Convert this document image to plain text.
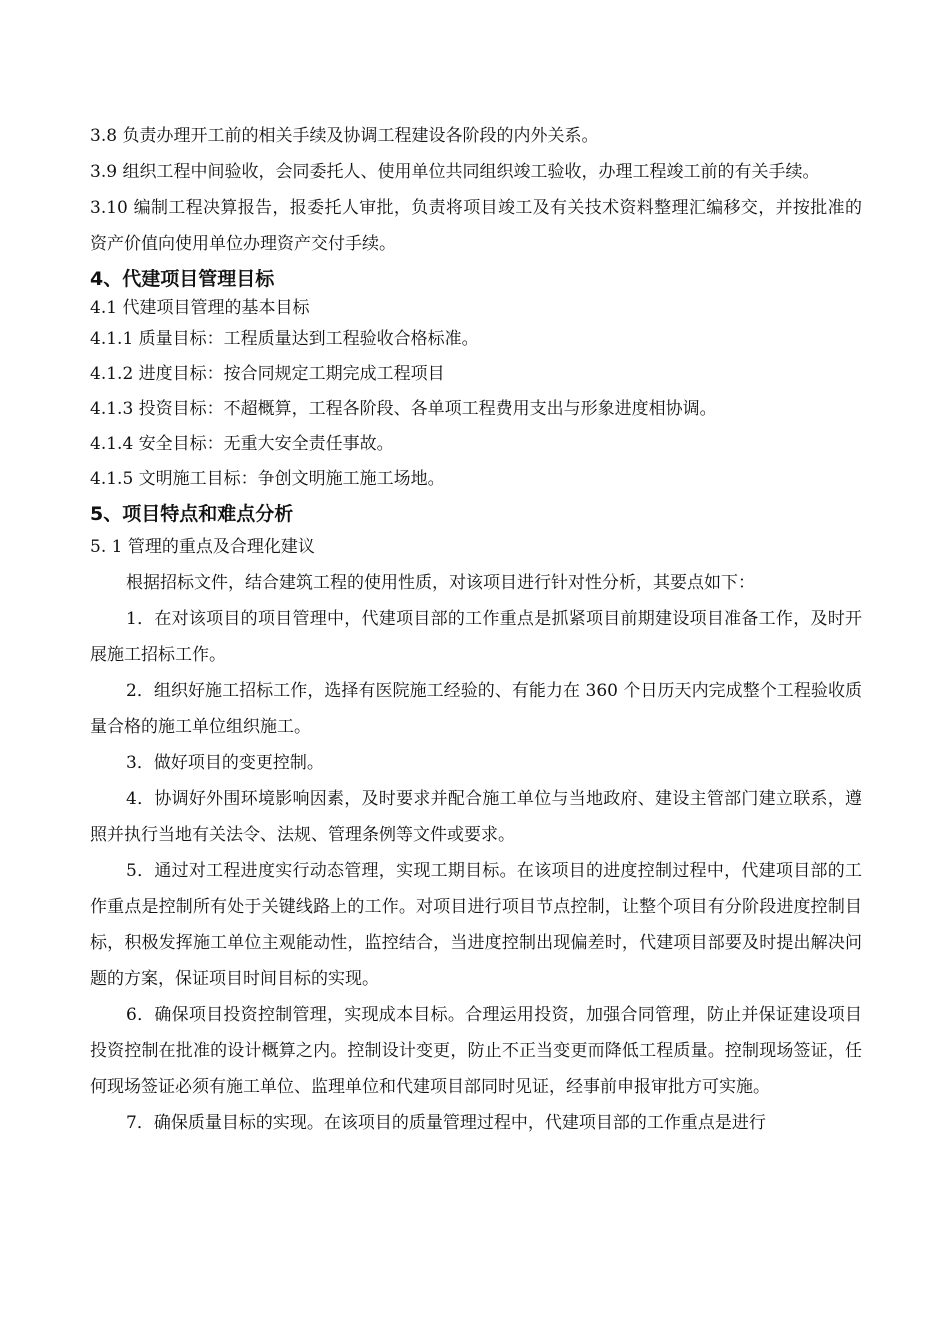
3.8 负责办理开工前的相关手续及协调工程建设各阶段的内外关系。

3.9 组织工程中间验收，会同委托人、使用单位共同组织竣工验收，办理工程竣工前的有关手续。

3.10 编制工程决算报告，报委托人审批，负责将项目竣工及有关技术资料整理汇编移交，并按批准的资产价值向使用单位办理资产交付手续。

4、代建项目管理目标

4.1 代建项目管理的基本目标

4.1.1 质量目标：工程质量达到工程验收合格标准。

4.1.2 进度目标：按合同规定工期完成工程项目

4.1.3 投资目标：不超概算，工程各阶段、各单项工程费用支出与形象进度相协调。

4.1.4 安全目标：无重大安全责任事故。

4.1.5 文明施工目标：争创文明施工施工场地。

5、项目特点和难点分析

5. 1 管理的重点及合理化建议

根据招标文件，结合建筑工程的使用性质，对该项目进行针对性分析，其要点如下：

1．在对该项目的项目管理中，代建项目部的工作重点是抓紧项目前期建设项目准备工作，及时开展施工招标工作。

2．组织好施工招标工作，选择有医院施工经验的、有能力在 360 个日历天内完成整个工程验收质量合格的施工单位组织施工。

3．做好项目的变更控制。

4．协调好外围环境影响因素，及时要求并配合施工单位与当地政府、建设主管部门建立联系，遵照并执行当地有关法令、法规、管理条例等文件或要求。

5．通过对工程进度实行动态管理，实现工期目标。在该项目的进度控制过程中，代建项目部的工作重点是控制所有处于关键线路上的工作。对项目进行项目节点控制，让整个项目有分阶段进度控制目标，积极发挥施工单位主观能动性，监控结合，当进度控制出现偏差时，代建项目部要及时提出解决问题的方案，保证项目时间目标的实现。

6．确保项目投资控制管理，实现成本目标。合理运用投资，加强合同管理，防止并保证建设项目投资控制在批准的设计概算之内。控制设计变更，防止不正当变更而降低工程质量。控制现场签证，任何现场签证必须有施工单位、监理单位和代建项目部同时见证，经事前申报审批方可实施。

7．确保质量目标的实现。在该项目的质量管理过程中，代建项目部的工作重点是进行
